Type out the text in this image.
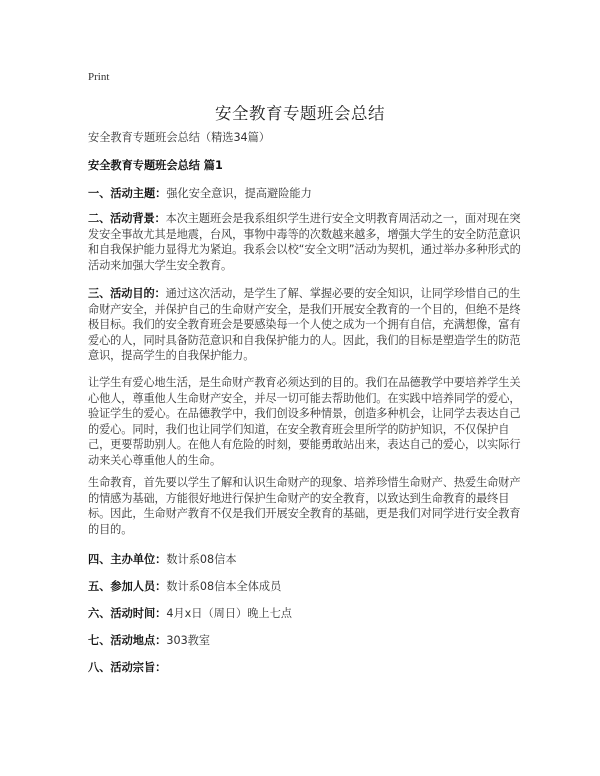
Print
安全教育专题班会总结
安全教育专题班会总结（精选34篇）
安全教育专题班会总结 篇1
一、活动主题：强化安全意识，提高避险能力
二、活动背景：本次主题班会是我系组织学生进行安全文明教育周活动之一，面对现在突发安全事故尤其是地震，台风，事物中毒等的次数越来越多，增强大学生的安全防范意识和自我保护能力显得尤为紧迫。我系会以校“安全文明”活动为契机，通过举办多种形式的活动来加强大学生安全教育。
三、活动目的：通过这次活动，是学生了解、掌握必要的安全知识，让同学珍惜自己的生命财产安全，并保护自己的生命财产安全，是我们开展安全教育的一个目的，但绝不是终极目标。我们的安全教育班会是要感染每一个人使之成为一个拥有自信，充满想像，富有爱心的人，同时具备防范意识和自我保护能力的人。因此，我们的目标是塑造学生的防范意识，提高学生的自我保护能力。
让学生有爱心地生活，是生命财产教育必须达到的目的。我们在品德教学中要培养学生关心他人，尊重他人生命财产安全，并尽一切可能去帮助他们。在实践中培养同学的爱心，验证学生的爱心。在品德教学中，我们创设多种情景，创造多种机会，让同学去表达自己的爱心。同时，我们也让同学们知道，在安全教育班会里所学的防护知识，不仅保护自己，更要帮助别人。在他人有危险的时刻，要能勇敢站出来，表达自己的爱心，以实际行动来关心尊重他人的生命。
生命教育，首先要以学生了解和认识生命财产的现象、培养珍惜生命财产、热爱生命财产的情感为基础，方能很好地进行保护生命财产的安全教育，以致达到生命教育的最终目标。因此，生命财产教育不仅是我们开展安全教育的基础，更是我们对同学进行安全教育的目的。
四、主办单位：数计系08信本
五、参加人员：数计系08信本全体成员
六、活动时间：4月x日（周日）晚上七点
七、活动地点：303教室
八、活动宗旨：
